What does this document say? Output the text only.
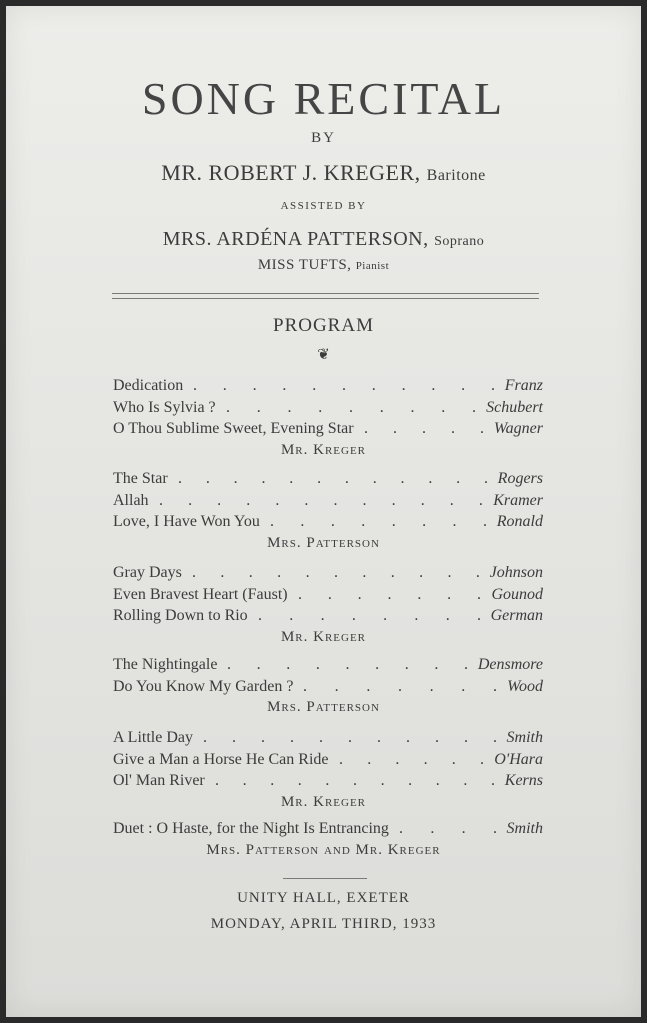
SONG RECITAL
BY
MR. ROBERT J. KREGER, Baritone
ASSISTED BY
MRS. ARDÉNA PATTERSON, Soprano
MISS TUFTS, Pianist
PROGRAM
❦
Dedication . . . . . . . . . . . Franz
Who Is Sylvia ? . . . . . . . . . Schubert
O Thou Sublime Sweet, Evening Star . . . . . Wagner
Mr. Kreger
The Star . . . . . . . . . . . . Rogers
Allah . . . . . . . . . . . . Kramer
Love, I Have Won You . . . . . . . . Ronald
Mrs. Patterson
Gray Days . . . . . . . . . . . Johnson
Even Bravest Heart (Faust) . . . . . . . Gounod
Rolling Down to Rio . . . . . . . . German
Mr. Kreger
The Nightingale . . . . . . . . . Densmore
Do You Know My Garden ? . . . . . . . Wood
Mrs. Patterson
A Little Day . . . . . . . . . . . Smith
Give a Man a Horse He Can Ride . . . . . . O'Hara
Ol' Man River . . . . . . . . . . . Kerns
Mr. Kreger
Duet : O Haste, for the Night Is Entrancing . . . . Smith
Mrs. Patterson and Mr. Kreger
UNITY HALL, EXETER
MONDAY, APRIL THIRD, 1933
